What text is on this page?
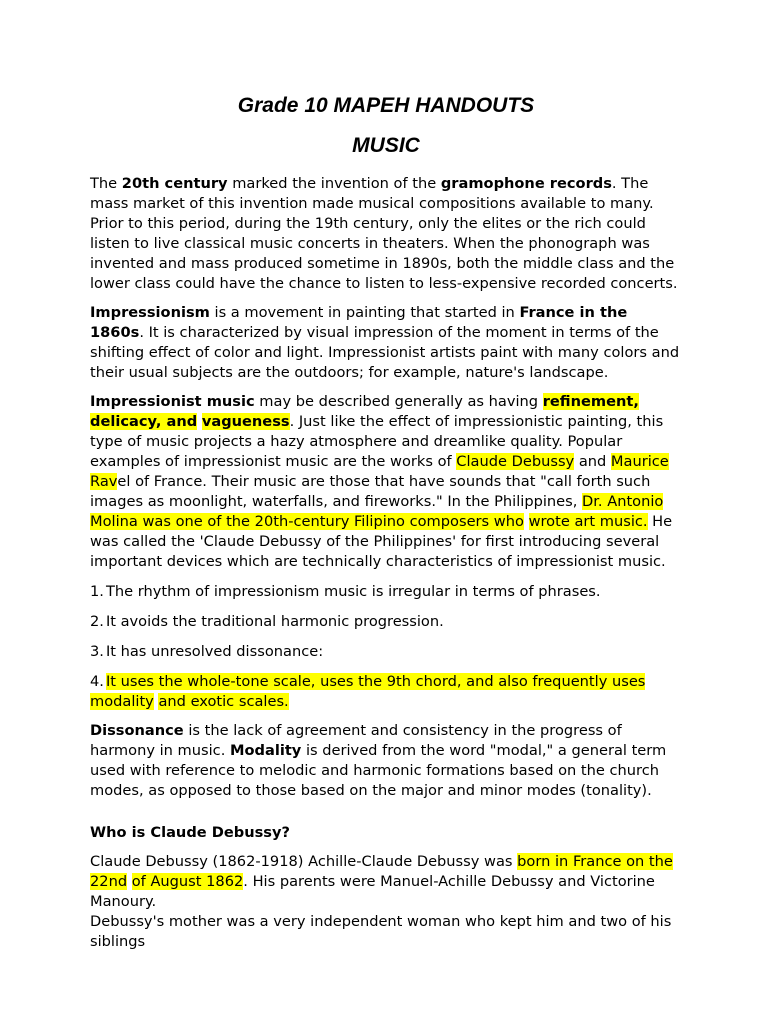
Grade 10 MAPEH HANDOUTS
MUSIC

The 20th century marked the invention of the gramophone records. The mass market of this invention made musical compositions available to many. Prior to this period, during the 19th century, only the elites or the rich could listen to live classical music concerts in theaters. When the phonograph was invented and mass produced sometime in 1890s, both the middle class and the lower class could have the chance to listen to less-expensive recorded concerts.

Impressionism is a movement in painting that started in France in the 1860s. It is characterized by visual impression of the moment in terms of the shifting effect of color and light. Impressionist artists paint with many colors and their usual subjects are the outdoors; for example, nature's landscape.

Impressionist music may be described generally as having refinement, delicacy, and vagueness. Just like the effect of impressionistic painting, this type of music projects a hazy atmosphere and dreamlike quality. Popular examples of impressionist music are the works of Claude Debussy and Maurice Ravel of France. Their music are those that have sounds that "call forth such images as moonlight, waterfalls, and fireworks." In the Philippines, Dr. Antonio Molina was one of the 20th-century Filipino composers who wrote art music. He was called the 'Claude Debussy of the Philippines' for first introducing several important devices which are technically characteristics of impressionist music.

1. The rhythm of impressionism music is irregular in terms of phrases.

2. It avoids the traditional harmonic progression.

3. It has unresolved dissonance:

4. It uses the whole-tone scale, uses the 9th chord, and also frequently uses modality and exotic scales.

Dissonance is the lack of agreement and consistency in the progress of harmony in music. Modality is derived from the word "modal," a general term used with reference to melodic and harmonic formations based on the church modes, as opposed to those based on the major and minor modes (tonality).

Who is Claude Debussy?

Claude Debussy (1862-1918) Achille-Claude Debussy was born in France on the 22nd of August 1862. His parents were Manuel-Achille Debussy and Victorine Manoury.

Debussy's mother was a very independent woman who kept him and two of his siblings
